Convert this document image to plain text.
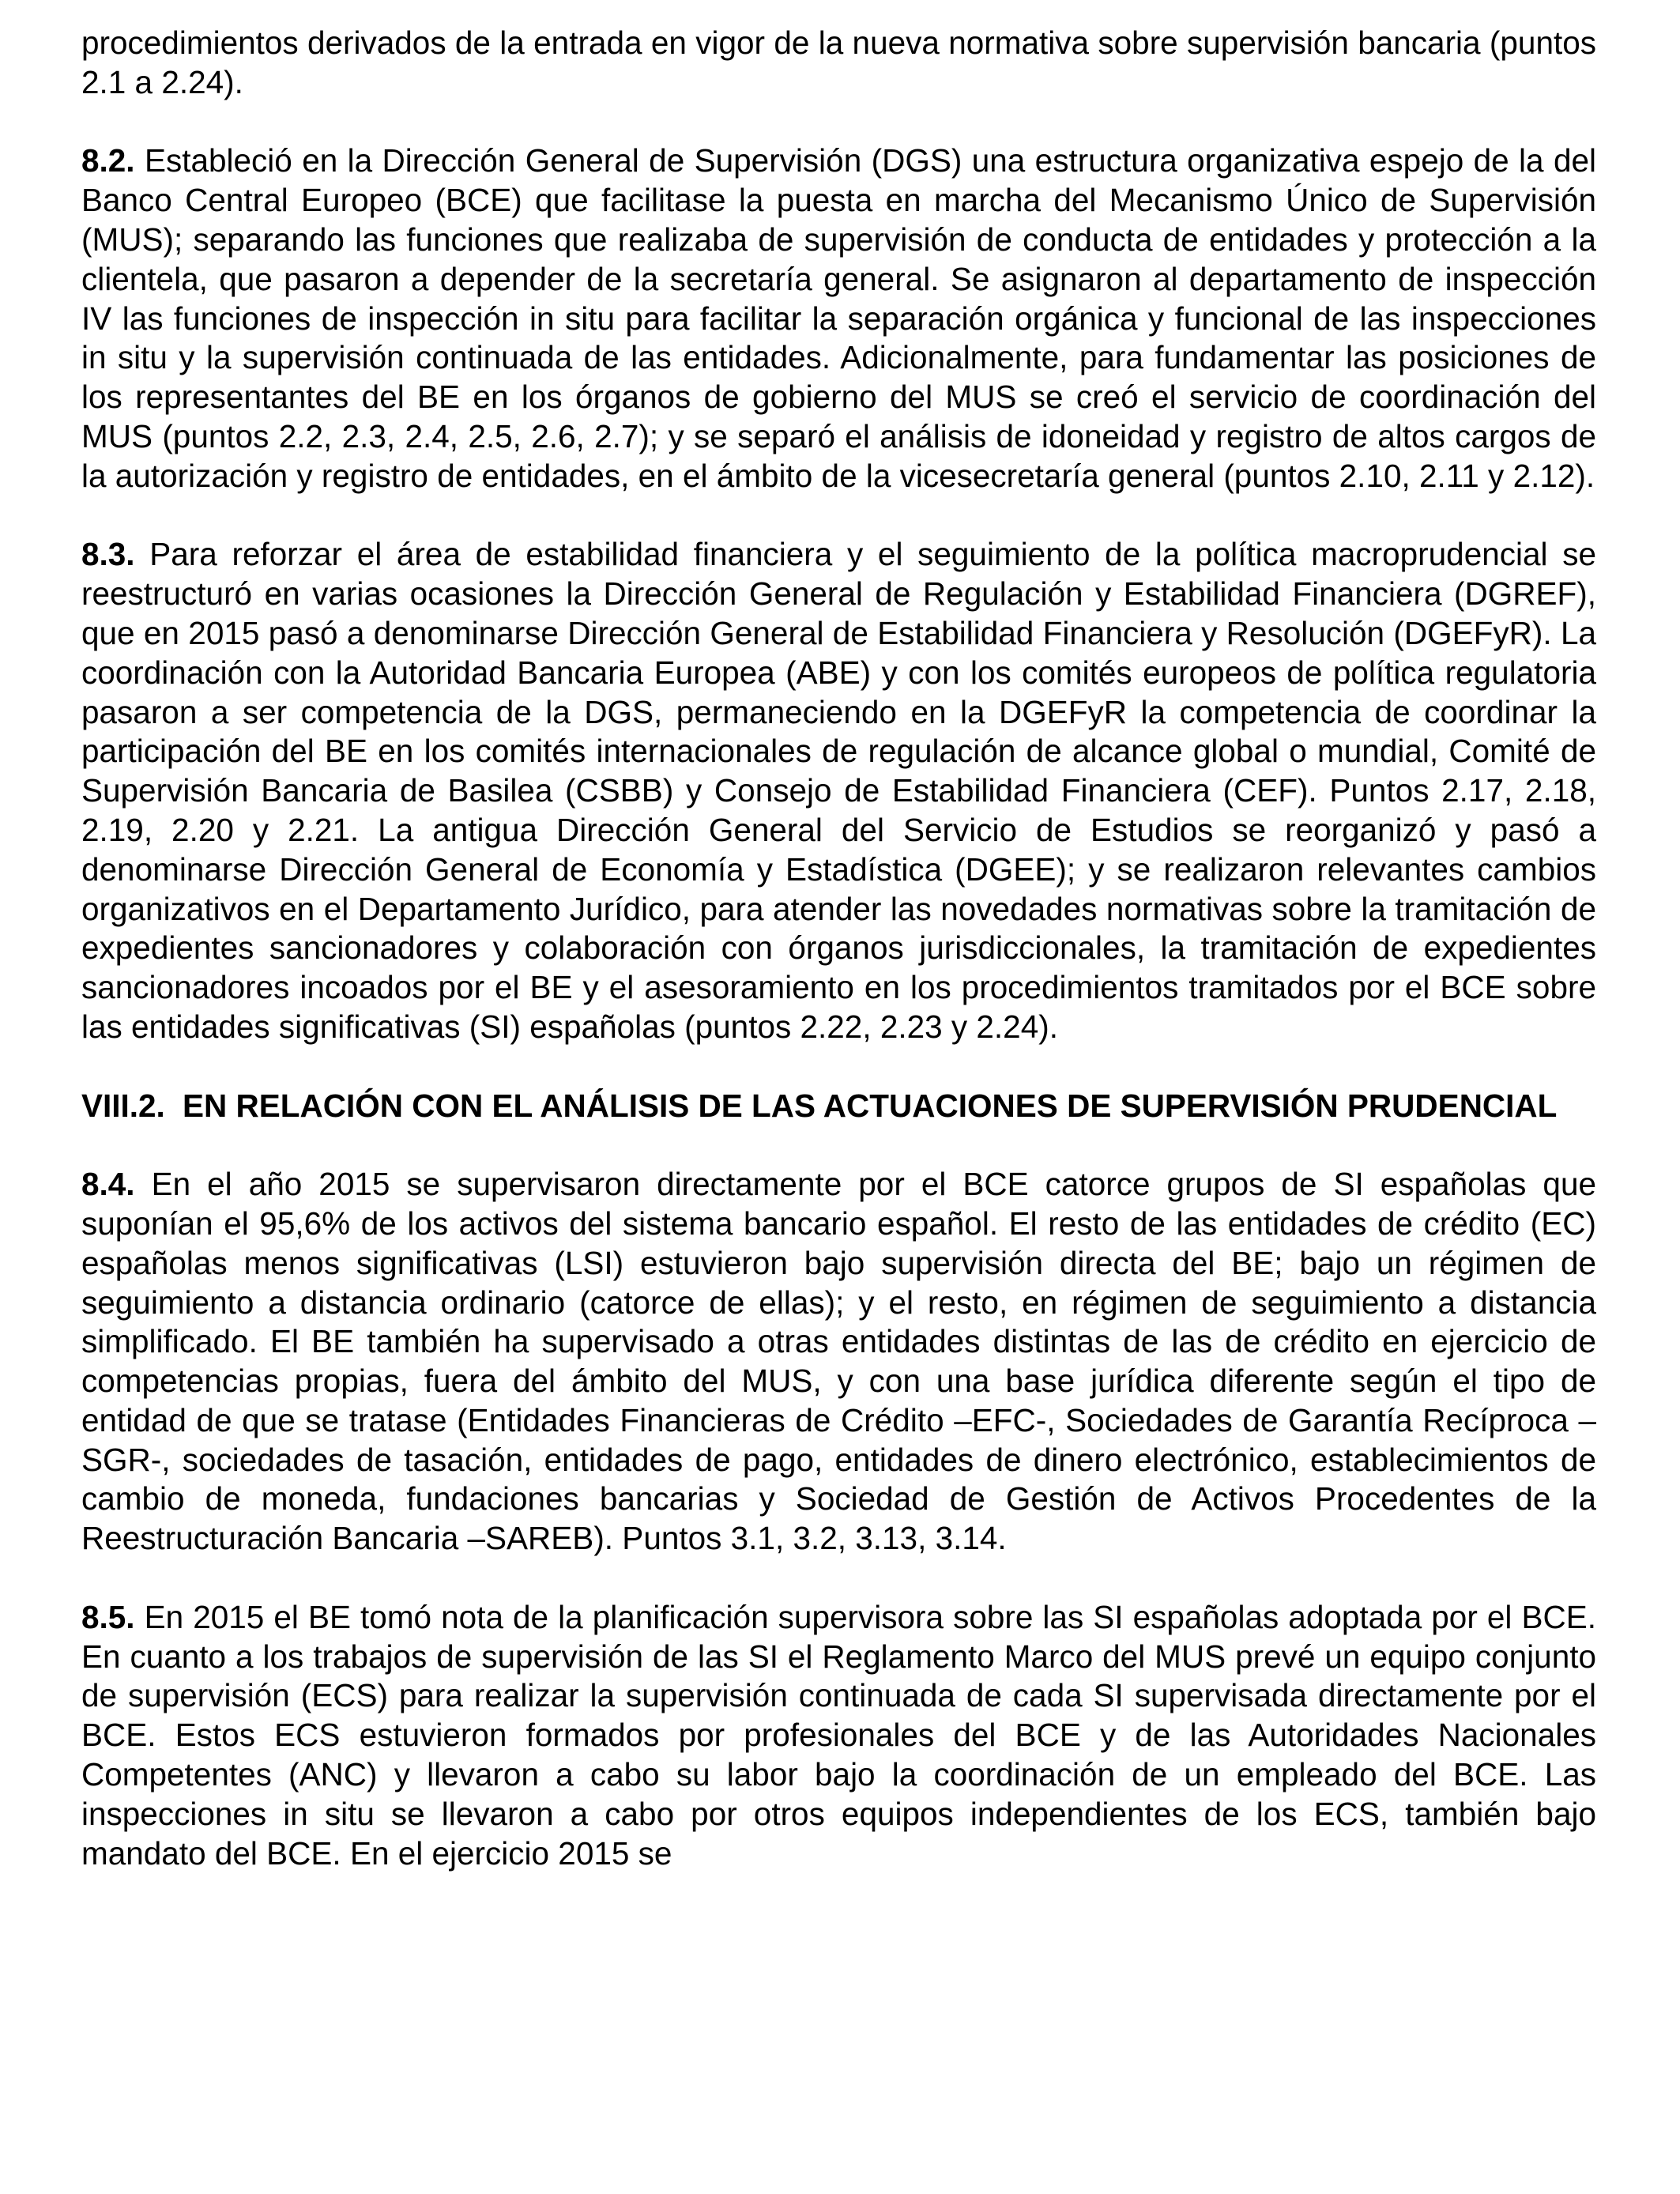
procedimientos derivados de la entrada en vigor de la nueva normativa sobre supervisión bancaria (puntos 2.1 a 2.24).

8.2. Estableció en la Dirección General de Supervisión (DGS) una estructura organizativa espejo de la del Banco Central Europeo (BCE) que facilitase la puesta en marcha del Mecanismo Único de Supervisión (MUS); separando las funciones que realizaba de supervisión de conducta de entidades y protección a la clientela, que pasaron a depender de la secretaría general. Se asignaron al departamento de inspección IV las funciones de inspección in situ para facilitar la separación orgánica y funcional de las inspecciones in situ y la supervisión continuada de las entidades. Adicionalmente, para fundamentar las posiciones de los representantes del BE en los órganos de gobierno del MUS se creó el servicio de coordinación del MUS (puntos 2.2, 2.3, 2.4, 2.5, 2.6, 2.7); y se separó el análisis de idoneidad y registro de altos cargos de la autorización y registro de entidades, en el ámbito de la vicesecretaría general (puntos 2.10, 2.11 y 2.12).

8.3. Para reforzar el área de estabilidad financiera y el seguimiento de la política macroprudencial se reestructuró en varias ocasiones la Dirección General de Regulación y Estabilidad Financiera (DGREF), que en 2015 pasó a denominarse Dirección General de Estabilidad Financiera y Resolución (DGEFyR). La coordinación con la Autoridad Bancaria Europea (ABE) y con los comités europeos de política regulatoria pasaron a ser competencia de la DGS, permaneciendo en la DGEFyR la competencia de coordinar la participación del BE en los comités internacionales de regulación de alcance global o mundial, Comité de Supervisión Bancaria de Basilea (CSBB) y Consejo de Estabilidad Financiera (CEF). Puntos 2.17, 2.18, 2.19, 2.20 y 2.21. La antigua Dirección General del Servicio de Estudios se reorganizó y pasó a denominarse Dirección General de Economía y Estadística (DGEE); y se realizaron relevantes cambios organizativos en el Departamento Jurídico, para atender las novedades normativas sobre la tramitación de expedientes sancionadores y colaboración con órganos jurisdiccionales, la tramitación de expedientes sancionadores incoados por el BE y el asesoramiento en los procedimientos tramitados por el BCE sobre las entidades significativas (SI) españolas (puntos 2.22, 2.23 y 2.24).

VIII.2. EN RELACIÓN CON EL ANÁLISIS DE LAS ACTUACIONES DE SUPERVISIÓN PRUDENCIAL

8.4. En el año 2015 se supervisaron directamente por el BCE catorce grupos de SI españolas que suponían el 95,6% de los activos del sistema bancario español. El resto de las entidades de crédito (EC) españolas menos significativas (LSI) estuvieron bajo supervisión directa del BE; bajo un régimen de seguimiento a distancia ordinario (catorce de ellas); y el resto, en régimen de seguimiento a distancia simplificado. El BE también ha supervisado a otras entidades distintas de las de crédito en ejercicio de competencias propias, fuera del ámbito del MUS, y con una base jurídica diferente según el tipo de entidad de que se tratase (Entidades Financieras de Crédito –EFC-, Sociedades de Garantía Recíproca –SGR-, sociedades de tasación, entidades de pago, entidades de dinero electrónico, establecimientos de cambio de moneda, fundaciones bancarias y Sociedad de Gestión de Activos Procedentes de la Reestructuración Bancaria –SAREB). Puntos 3.1, 3.2, 3.13, 3.14.

8.5. En 2015 el BE tomó nota de la planificación supervisora sobre las SI españolas adoptada por el BCE. En cuanto a los trabajos de supervisión de las SI el Reglamento Marco del MUS prevé un equipo conjunto de supervisión (ECS) para realizar la supervisión continuada de cada SI supervisada directamente por el BCE. Estos ECS estuvieron formados por profesionales del BCE y de las Autoridades Nacionales Competentes (ANC) y llevaron a cabo su labor bajo la coordinación de un empleado del BCE. Las inspecciones in situ se llevaron a cabo por otros equipos independientes de los ECS, también bajo mandato del BCE. En el ejercicio 2015 se
